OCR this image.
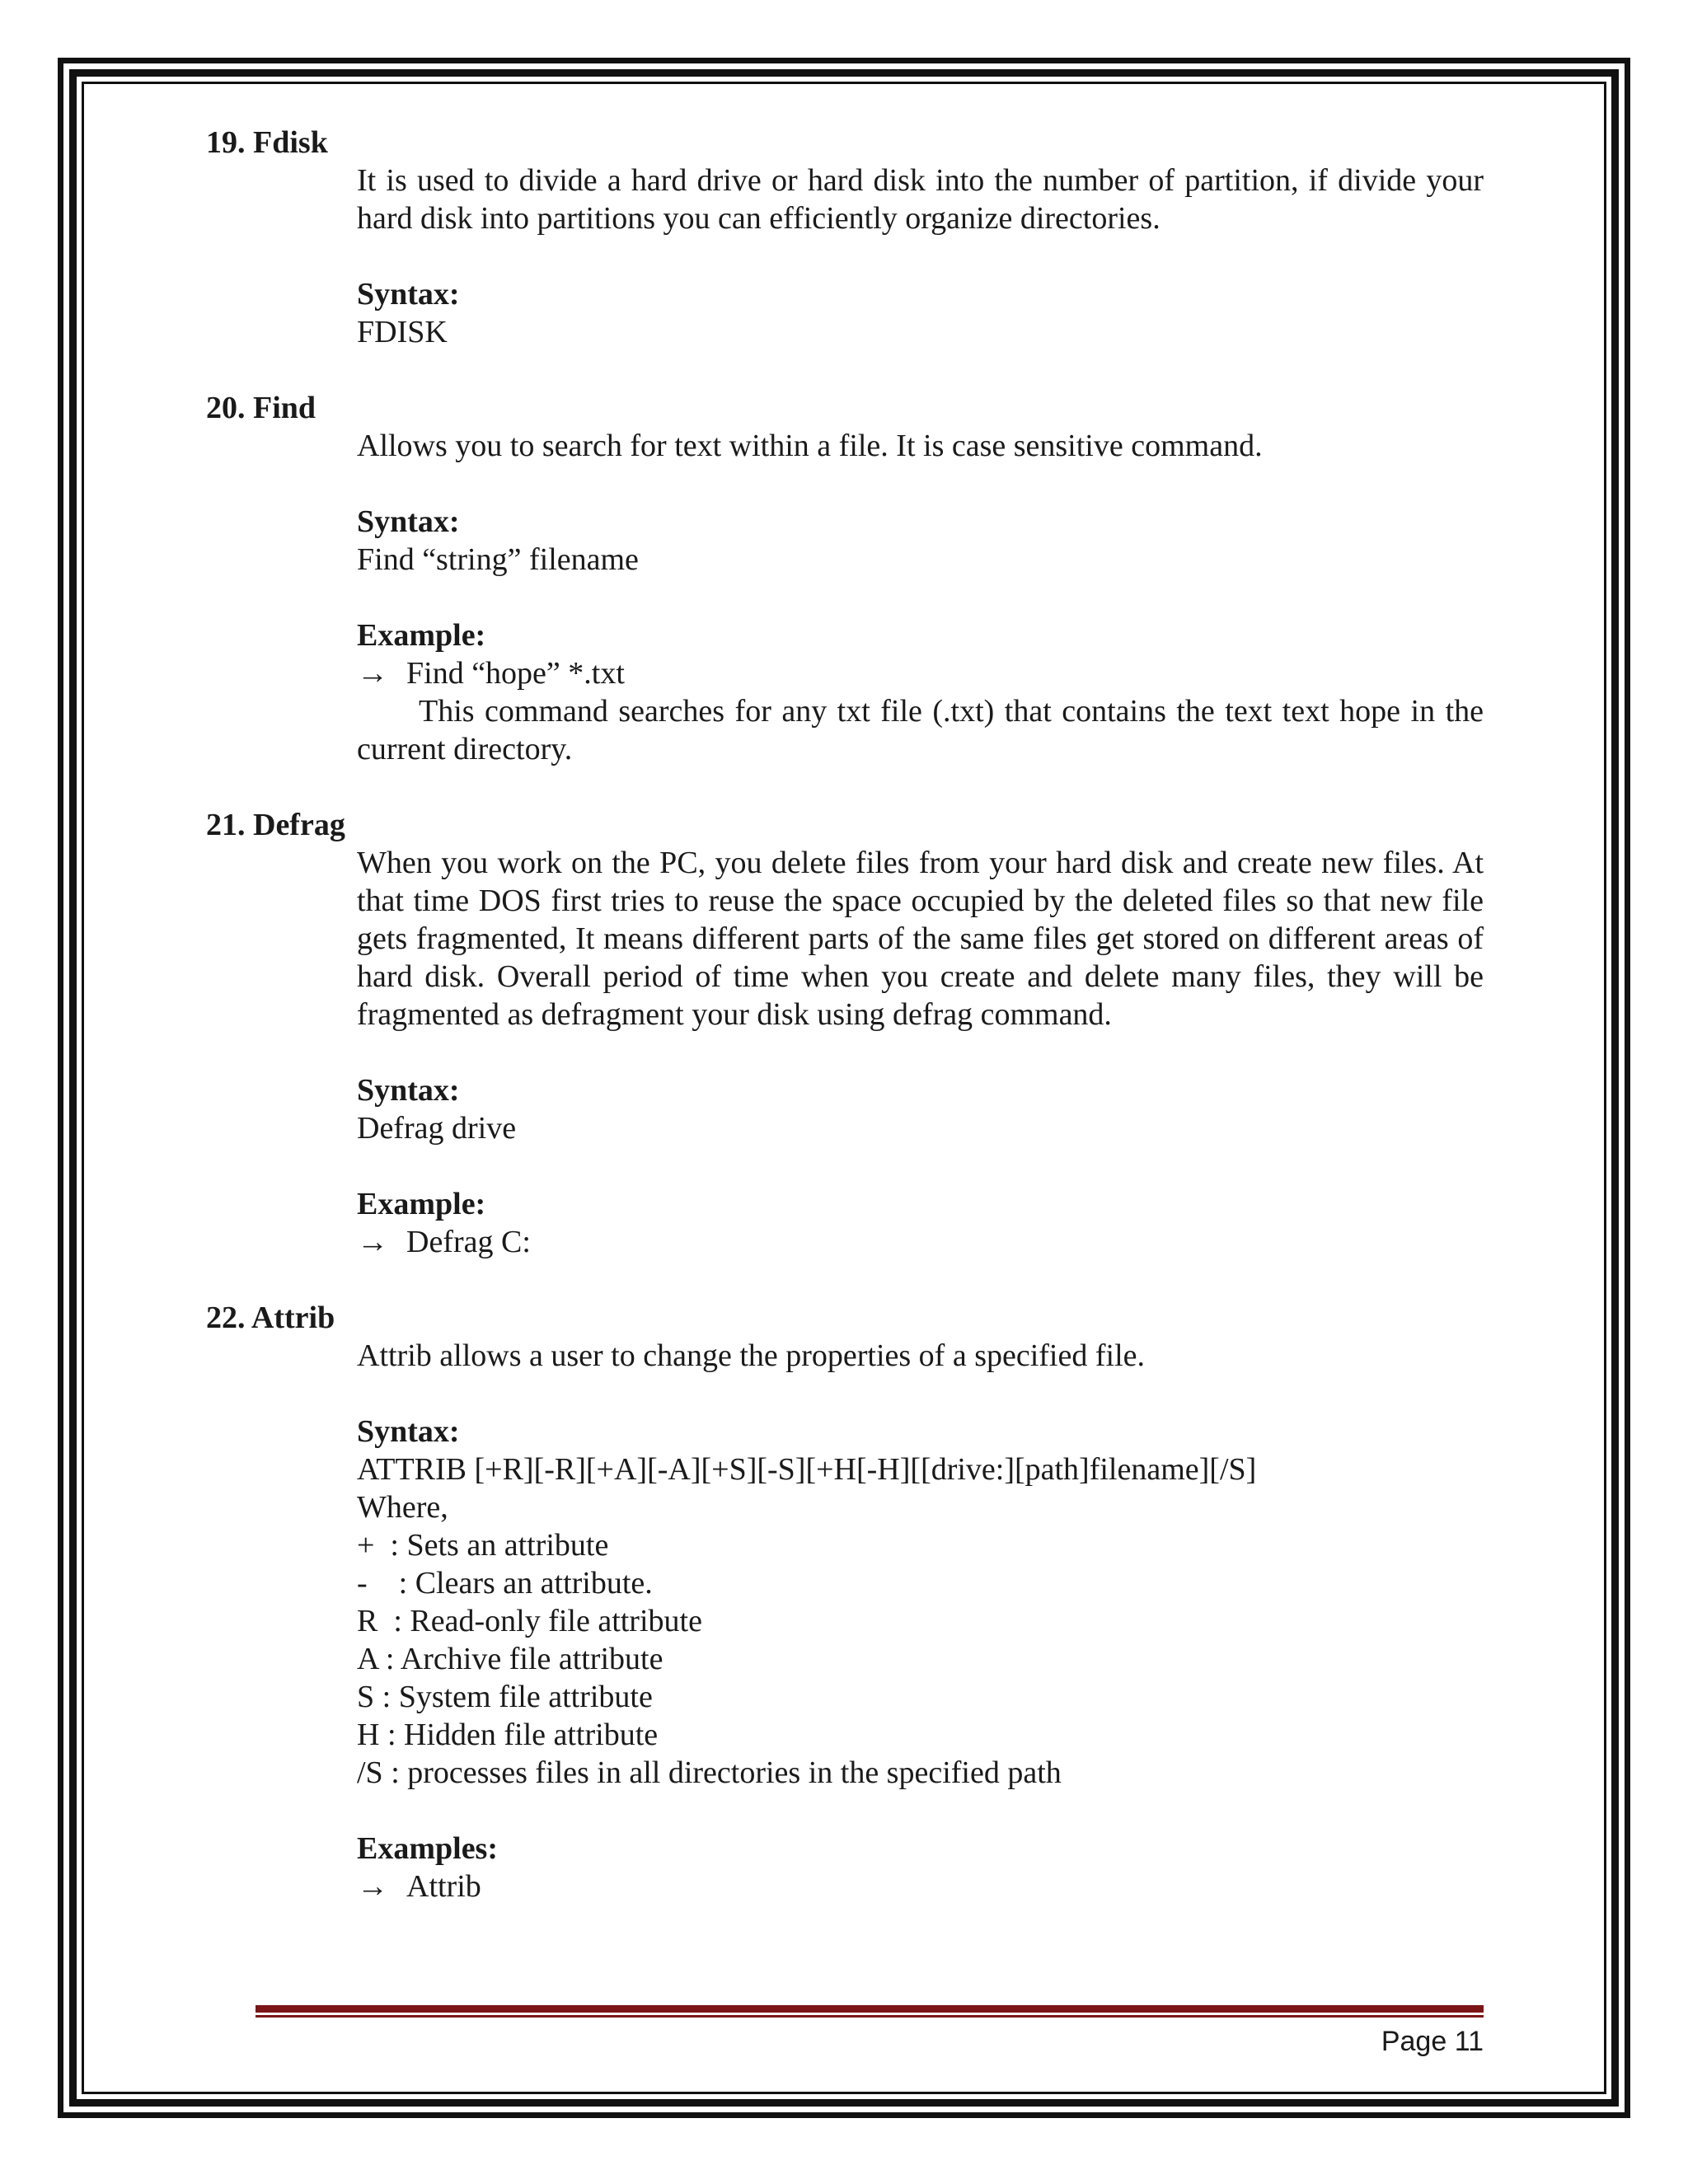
19. Fdisk

It is used to divide a hard drive or hard disk into the number of partition, if divide your hard disk into partitions you can efficiently organize directories.

Syntax:

FDISK

20. Find

Allows you to search for text within a file. It is case sensitive command.

Syntax:

Find “string” filename

Example:

→ Find “hope” *.txt

This command searches for any txt file (.txt) that contains the text text hope in the current directory.

21. Defrag

When you work on the PC, you delete files from your hard disk and create new files. At that time DOS first tries to reuse the space occupied by the deleted files so that new file gets fragmented, It means different parts of the same files get stored on different areas of hard disk. Overall period of time when you create and delete many files, they will be fragmented as defragment your disk using defrag command.

Syntax:

Defrag drive

Example:

→ Defrag C:

22. Attrib

Attrib allows a user to change the properties of a specified file.

Syntax:

ATTRIB [+R][-R][+A][-A][+S][-S][+H[-H][[drive:][path]filename][/S]

Where,

+  : Sets an attribute

-    : Clears an attribute.

R  : Read-only file attribute

A : Archive file attribute

S : System file attribute

H : Hidden file attribute

/S : processes files in all directories in the specified path

Examples:

→ Attrib

Page 11
